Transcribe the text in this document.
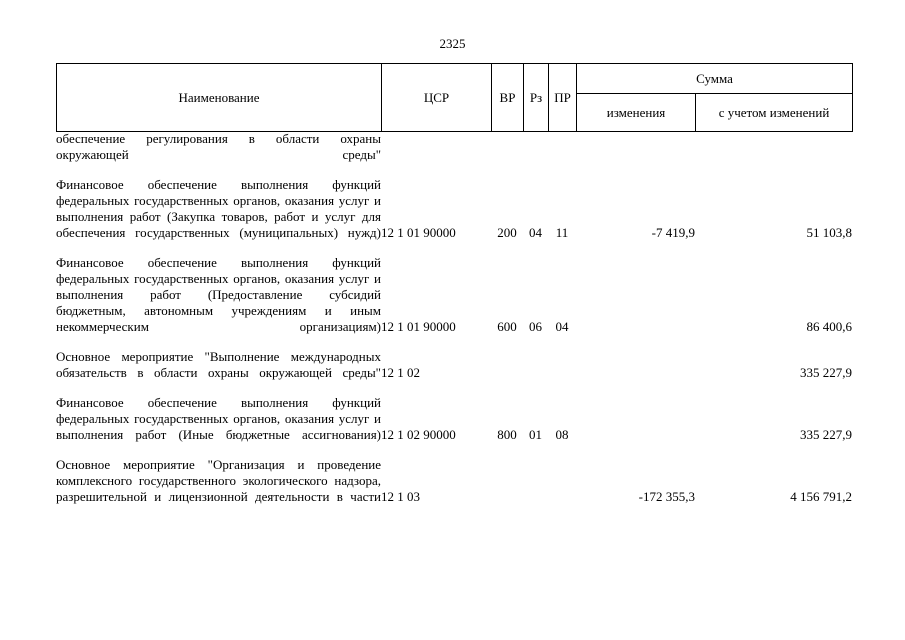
2325
Наименование	ЦСР	ВР	Рз	ПР	Сумма	
					изменения	с учетом изменений
обеспечение регулирования в области охраны окружающей среды"						

Финансовое обеспечение выполнения функций федеральных государственных органов, оказания услуг и выполнения работ (Закупка товаров, работ и услуг для обеспечения государственных (муниципальных) нужд)	12 1 01 90000	200	04	11	-7 419,9	51 103,8

Финансовое обеспечение выполнения функций федеральных государственных органов, оказания услуг и выполнения работ (Предоставление субсидий бюджетным, автономным учреждениям и иным некоммерческим организациям)	12 1 01 90000	600	06	04		86 400,6

Основное мероприятие "Выполнение международных обязательств в области охраны окружающей среды"	12 1 02					335 227,9

Финансовое обеспечение выполнения функций федеральных государственных органов, оказания услуг и выполнения работ (Иные бюджетные ассигнования)	12 1 02 90000	800	01	08		335 227,9

Основное мероприятие "Организация и проведение комплексного государственного экологического надзора, разрешительной и лицензионной деятельности в части	12 1 03				-172 355,3	4 156 791,2
